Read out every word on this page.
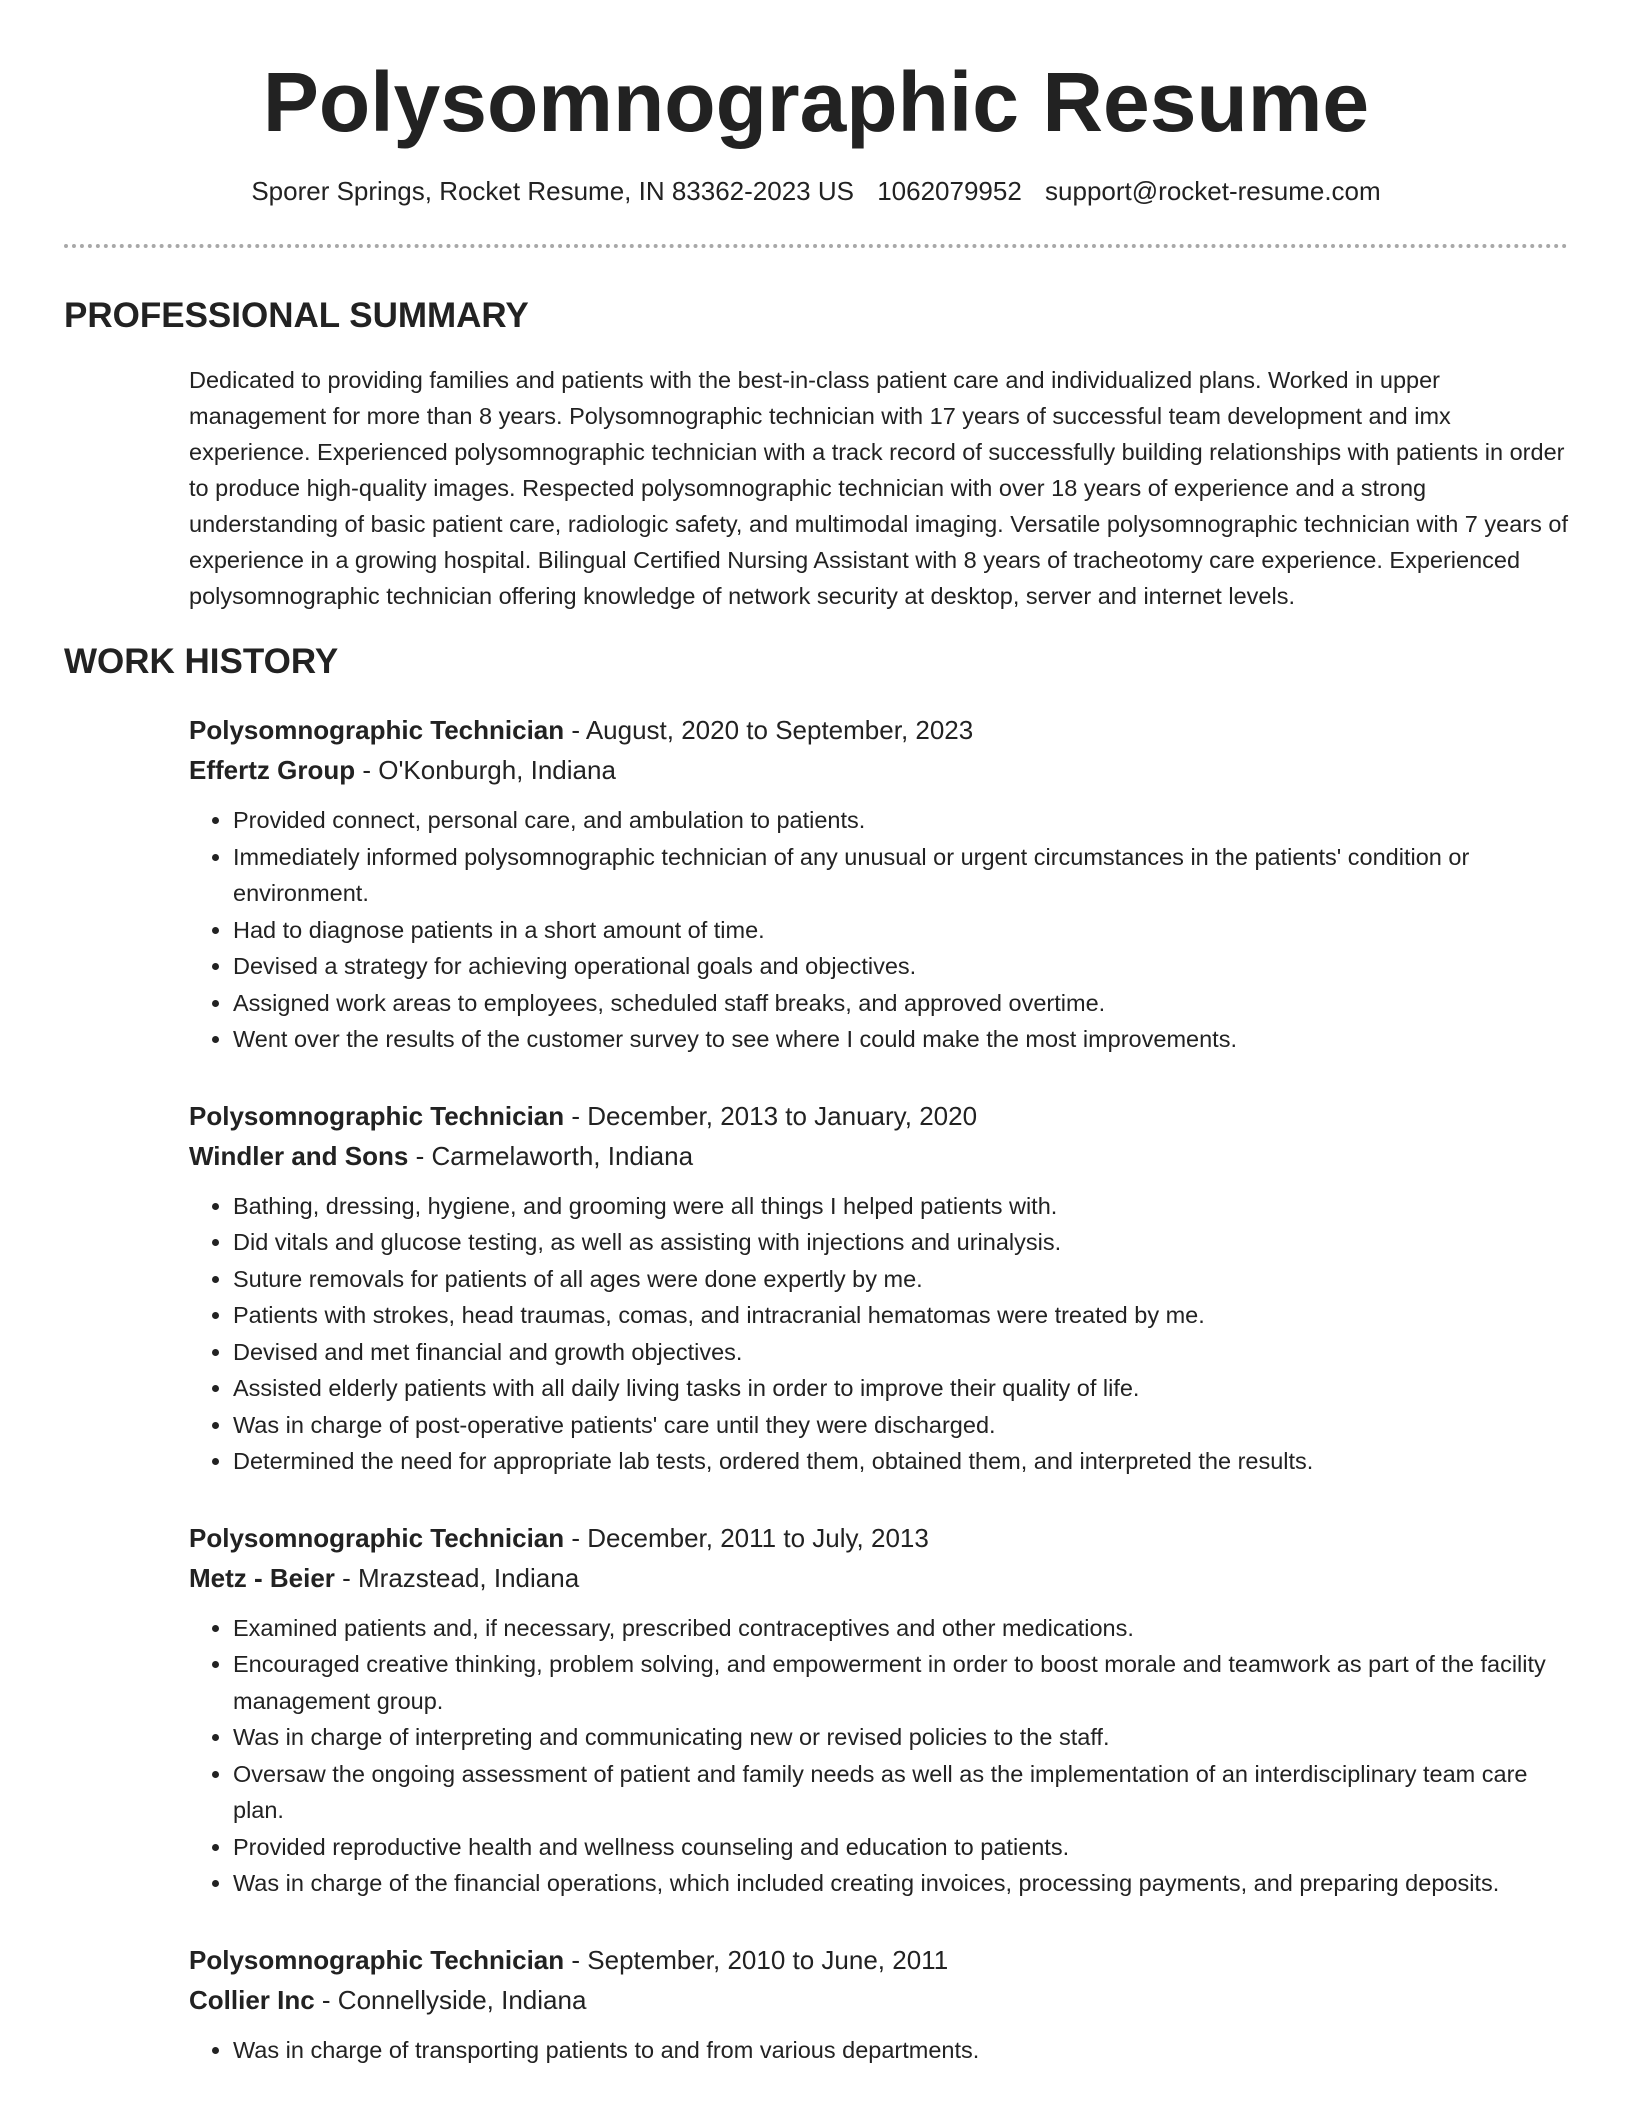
Polysomnographic Resume
Sporer Springs, Rocket Resume, IN 83362-2023 US 1062079952 support@rocket-resume.com
PROFESSIONAL SUMMARY

Dedicated to providing families and patients with the best-in-class patient care and individualized plans. Worked in upper management for more than 8 years. Polysomnographic technician with 17 years of successful team development and imx experience. Experienced polysomnographic technician with a track record of successfully building relationships with patients in order to produce high-quality images. Respected polysomnographic technician with over 18 years of experience and a strong understanding of basic patient care, radiologic safety, and multimodal imaging. Versatile polysomnographic technician with 7 years of experience in a growing hospital. Bilingual Certified Nursing Assistant with 8 years of tracheotomy care experience. Experienced polysomnographic technician offering knowledge of network security at desktop, server and internet levels.

WORK HISTORY
Polysomnographic Technician - August, 2020 to September, 2023
Effertz Group - O'Konburgh, Indiana
• Provided connect, personal care, and ambulation to patients.
• Immediately informed polysomnographic technician of any unusual or urgent circumstances in the patients' condition or environment.
• Had to diagnose patients in a short amount of time.
• Devised a strategy for achieving operational goals and objectives.
• Assigned work areas to employees, scheduled staff breaks, and approved overtime.
• Went over the results of the customer survey to see where I could make the most improvements.
Polysomnographic Technician - December, 2013 to January, 2020
Windler and Sons - Carmelaworth, Indiana
• Bathing, dressing, hygiene, and grooming were all things I helped patients with.
• Did vitals and glucose testing, as well as assisting with injections and urinalysis.
• Suture removals for patients of all ages were done expertly by me.
• Patients with strokes, head traumas, comas, and intracranial hematomas were treated by me.
• Devised and met financial and growth objectives.
• Assisted elderly patients with all daily living tasks in order to improve their quality of life.
• Was in charge of post-operative patients' care until they were discharged.
• Determined the need for appropriate lab tests, ordered them, obtained them, and interpreted the results.
Polysomnographic Technician - December, 2011 to July, 2013
Metz - Beier - Mrazstead, Indiana
• Examined patients and, if necessary, prescribed contraceptives and other medications.
• Encouraged creative thinking, problem solving, and empowerment in order to boost morale and teamwork as part of the facility management group.
• Was in charge of interpreting and communicating new or revised policies to the staff.
• Oversaw the ongoing assessment of patient and family needs as well as the implementation of an interdisciplinary team care plan.
• Provided reproductive health and wellness counseling and education to patients.
• Was in charge of the financial operations, which included creating invoices, processing payments, and preparing deposits.
Polysomnographic Technician - September, 2010 to June, 2011
Collier Inc - Connellyside, Indiana
• Was in charge of transporting patients to and from various departments.
